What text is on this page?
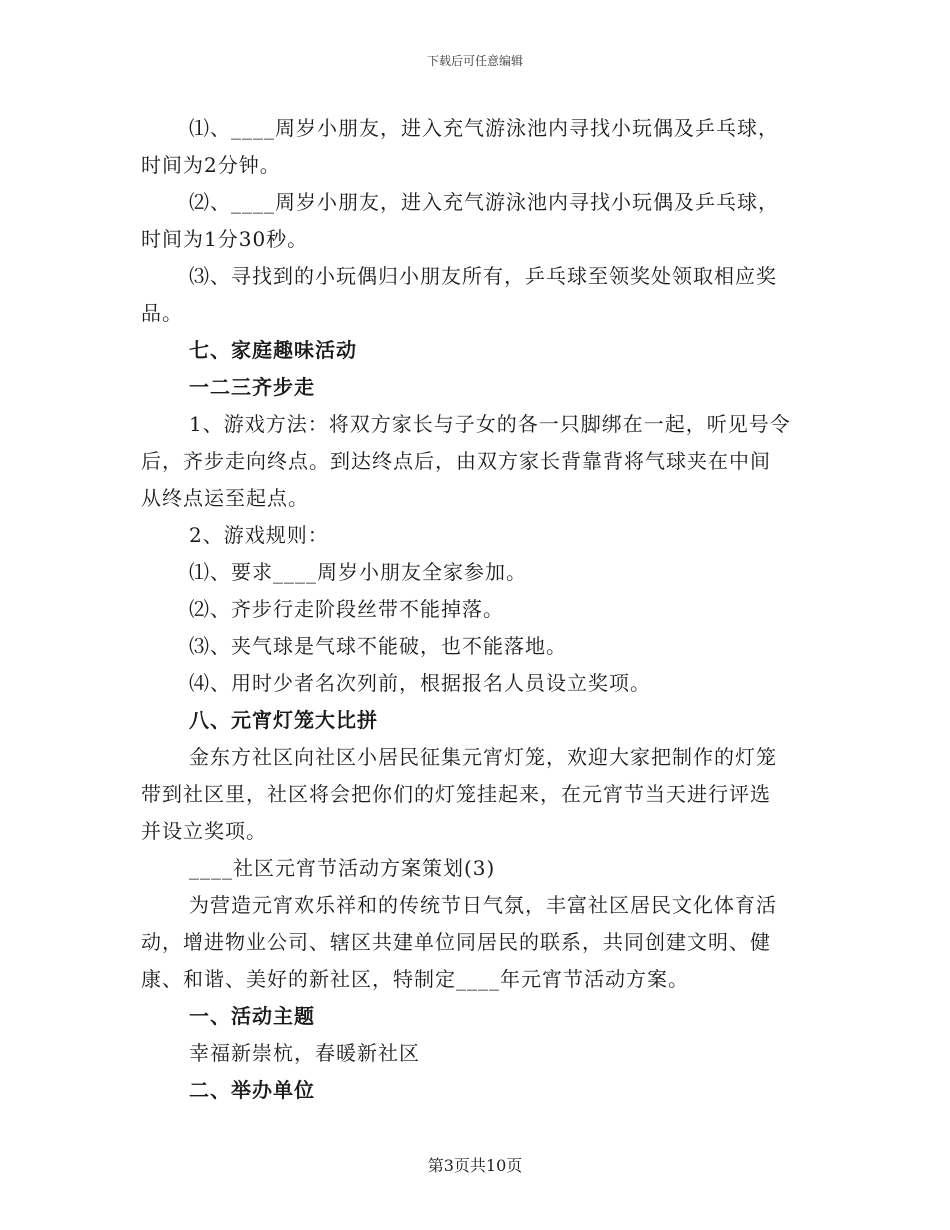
下载后可任意编辑
⑴、____周岁小朋友，进入充气游泳池内寻找小玩偶及乒乓球，
时间为2分钟。
⑵、____周岁小朋友，进入充气游泳池内寻找小玩偶及乒乓球，
时间为1分30秒。
⑶、寻找到的小玩偶归小朋友所有，乒乓球至领奖处领取相应奖
品。
七、家庭趣味活动
一二三齐步走
1、游戏方法：将双方家长与子女的各一只脚绑在一起，听见号令
后，齐步走向终点。到达终点后，由双方家长背靠背将气球夹在中间
从终点运至起点。
2、游戏规则：
⑴、要求____周岁小朋友全家参加。
⑵、齐步行走阶段丝带不能掉落。
⑶、夹气球是气球不能破，也不能落地。
⑷、用时少者名次列前，根据报名人员设立奖项。
八、元宵灯笼大比拼
金东方社区向社区小居民征集元宵灯笼，欢迎大家把制作的灯笼
带到社区里，社区将会把你们的灯笼挂起来，在元宵节当天进行评选
并设立奖项。
____社区元宵节活动方案策划(3)
为营造元宵欢乐祥和的传统节日气氛，丰富社区居民文化体育活
动，增进物业公司、辖区共建单位同居民的联系，共同创建文明、健
康、和谐、美好的新社区，特制定____年元宵节活动方案。
一、活动主题
幸福新崇杭，春暖新社区
二、举办单位
第3页共10页
